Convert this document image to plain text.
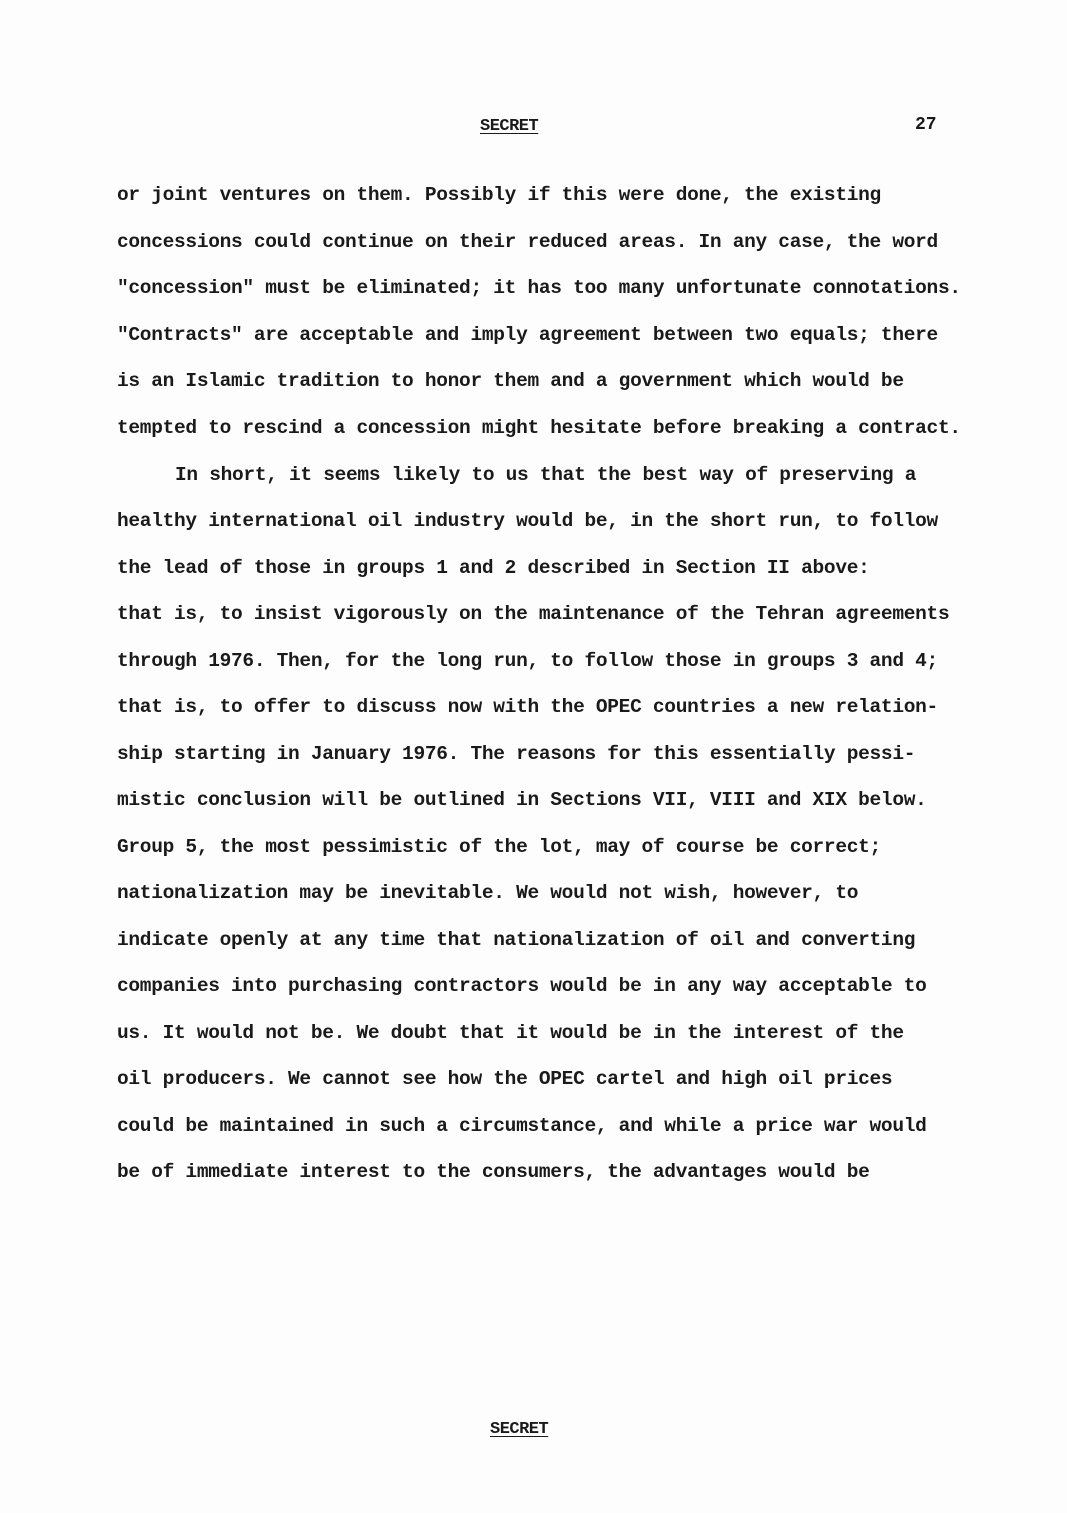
SECRET	27
or joint ventures on them. Possibly if this were done, the existing
concessions could continue on their reduced areas. In any case, the word
"concession" must be eliminated; it has too many unfortunate connotations.
"Contracts" are acceptable and imply agreement between two equals; there
is an Islamic tradition to honor them and a government which would be
tempted to rescind a concession might hesitate before breaking a contract.
In short, it seems likely to us that the best way of preserving a
healthy international oil industry would be, in the short run, to follow
the lead of those in groups 1 and 2 described in Section II above:
that is, to insist vigorously on the maintenance of the Tehran agreements
through 1976. Then, for the long run, to follow those in groups 3 and 4;
that is, to offer to discuss now with the OPEC countries a new relation-
ship starting in January 1976. The reasons for this essentially pessi-
mistic conclusion will be outlined in Sections VII, VIII and XIX below.
Group 5, the most pessimistic of the lot, may of course be correct;
nationalization may be inevitable. We would not wish, however, to
indicate openly at any time that nationalization of oil and converting
companies into purchasing contractors would be in any way acceptable to
us. It would not be. We doubt that it would be in the interest of the
oil producers. We cannot see how the OPEC cartel and high oil prices
could be maintained in such a circumstance, and while a price war would
be of immediate interest to the consumers, the advantages would be
SECRET
